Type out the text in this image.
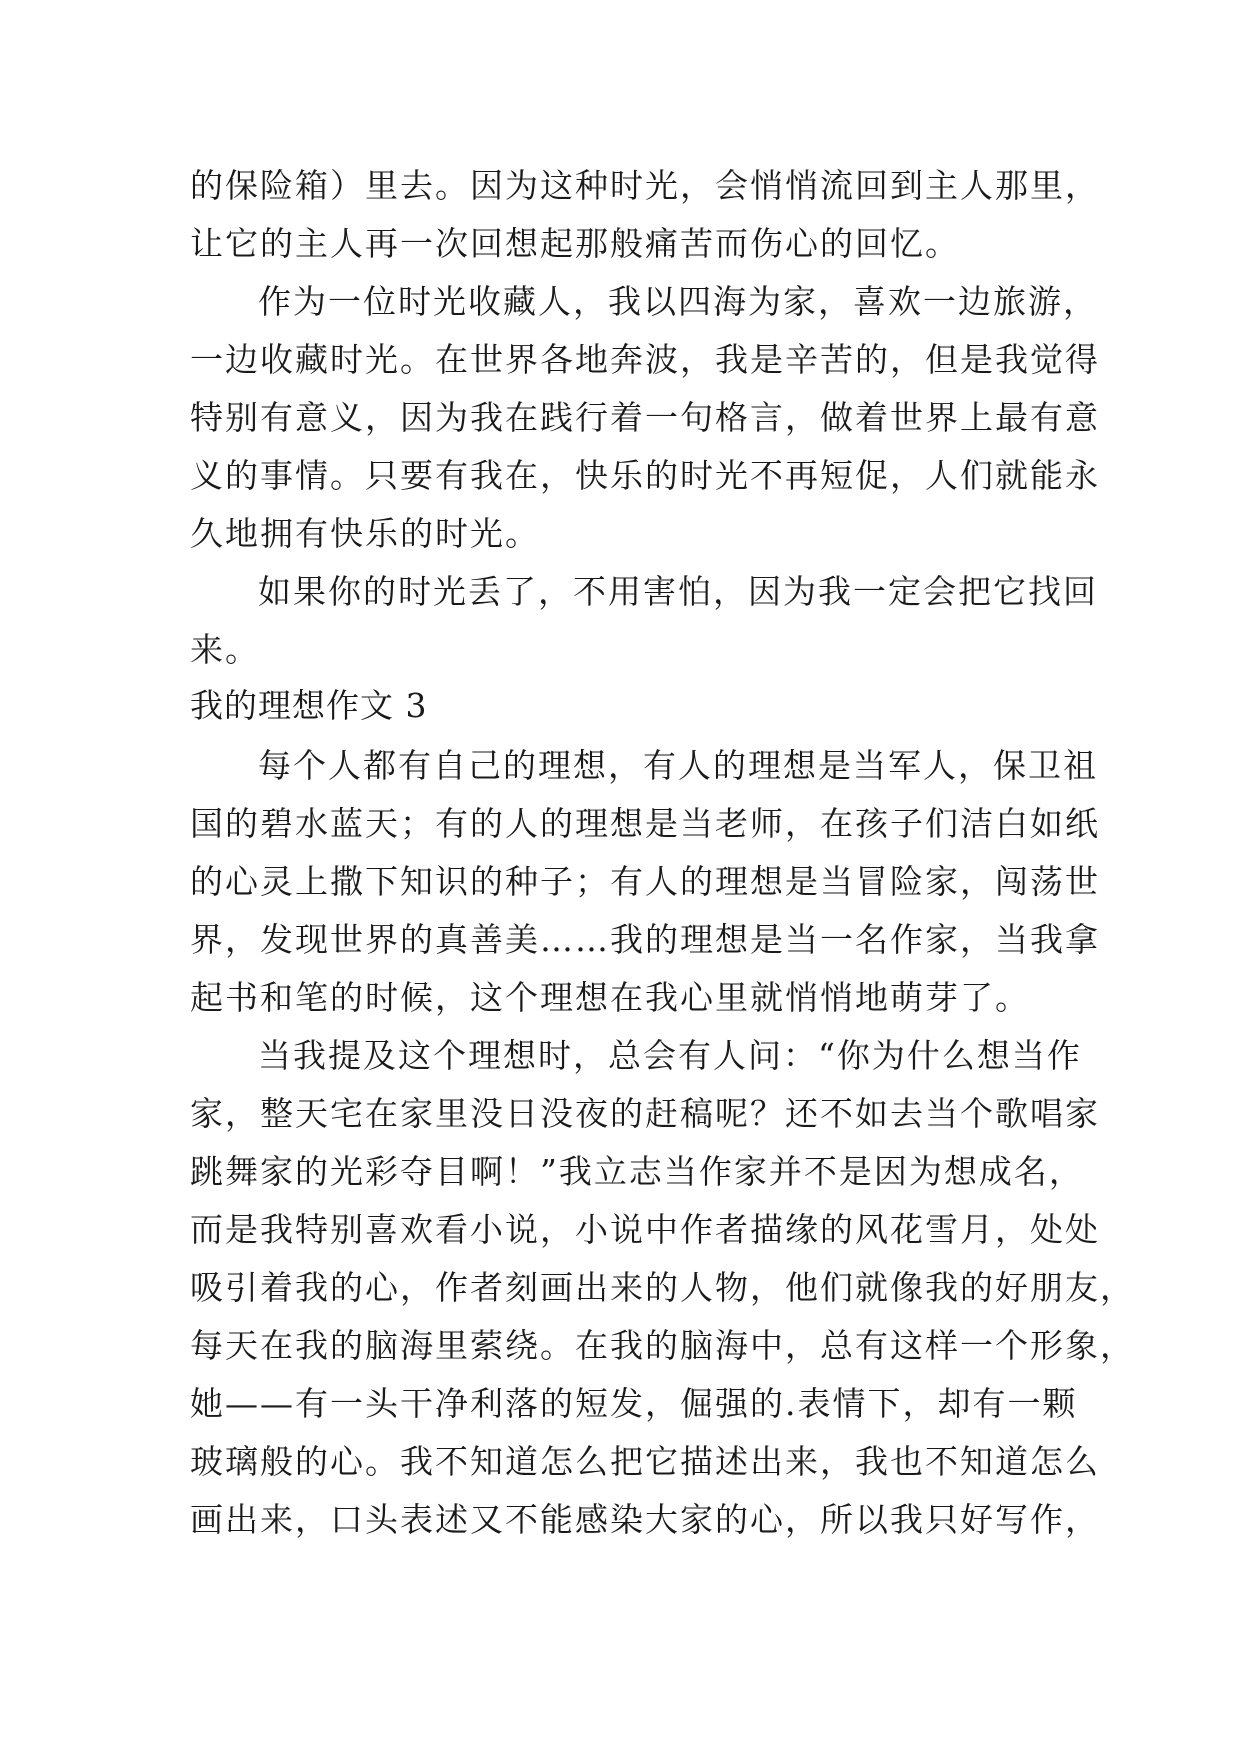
的保险箱）里去。因为这种时光，会悄悄流回到主人那里，
让它的主人再一次回想起那般痛苦而伤心的回忆。
作为一位时光收藏人，我以四海为家，喜欢一边旅游，
一边收藏时光。在世界各地奔波，我是辛苦的，但是我觉得
特别有意义，因为我在践行着一句格言，做着世界上最有意
义的事情。只要有我在，快乐的时光不再短促，人们就能永
久地拥有快乐的时光。
如果你的时光丢了，不用害怕，因为我一定会把它找回
来。
我的理想作文 3
每个人都有自己的理想，有人的理想是当军人，保卫祖
国的碧水蓝天；有的人的理想是当老师，在孩子们洁白如纸
的心灵上撒下知识的种子；有人的理想是当冒险家，闯荡世
界，发现世界的真善美……我的理想是当一名作家，当我拿
起书和笔的时候，这个理想在我心里就悄悄地萌芽了。
当我提及这个理想时，总会有人问：“你为什么想当作
家，整天宅在家里没日没夜的赶稿呢？还不如去当个歌唱家
跳舞家的光彩夺目啊！”我立志当作家并不是因为想成名，
而是我特别喜欢看小说，小说中作者描缘的风花雪月，处处
吸引着我的心，作者刻画出来的人物，他们就像我的好朋友，
每天在我的脑海里萦绕。在我的脑海中，总有这样一个形象，
她——有一头干净利落的短发，倔强的.表情下，却有一颗
玻璃般的心。我不知道怎么把它描述出来，我也不知道怎么
画出来，口头表述又不能感染大家的心，所以我只好写作，
